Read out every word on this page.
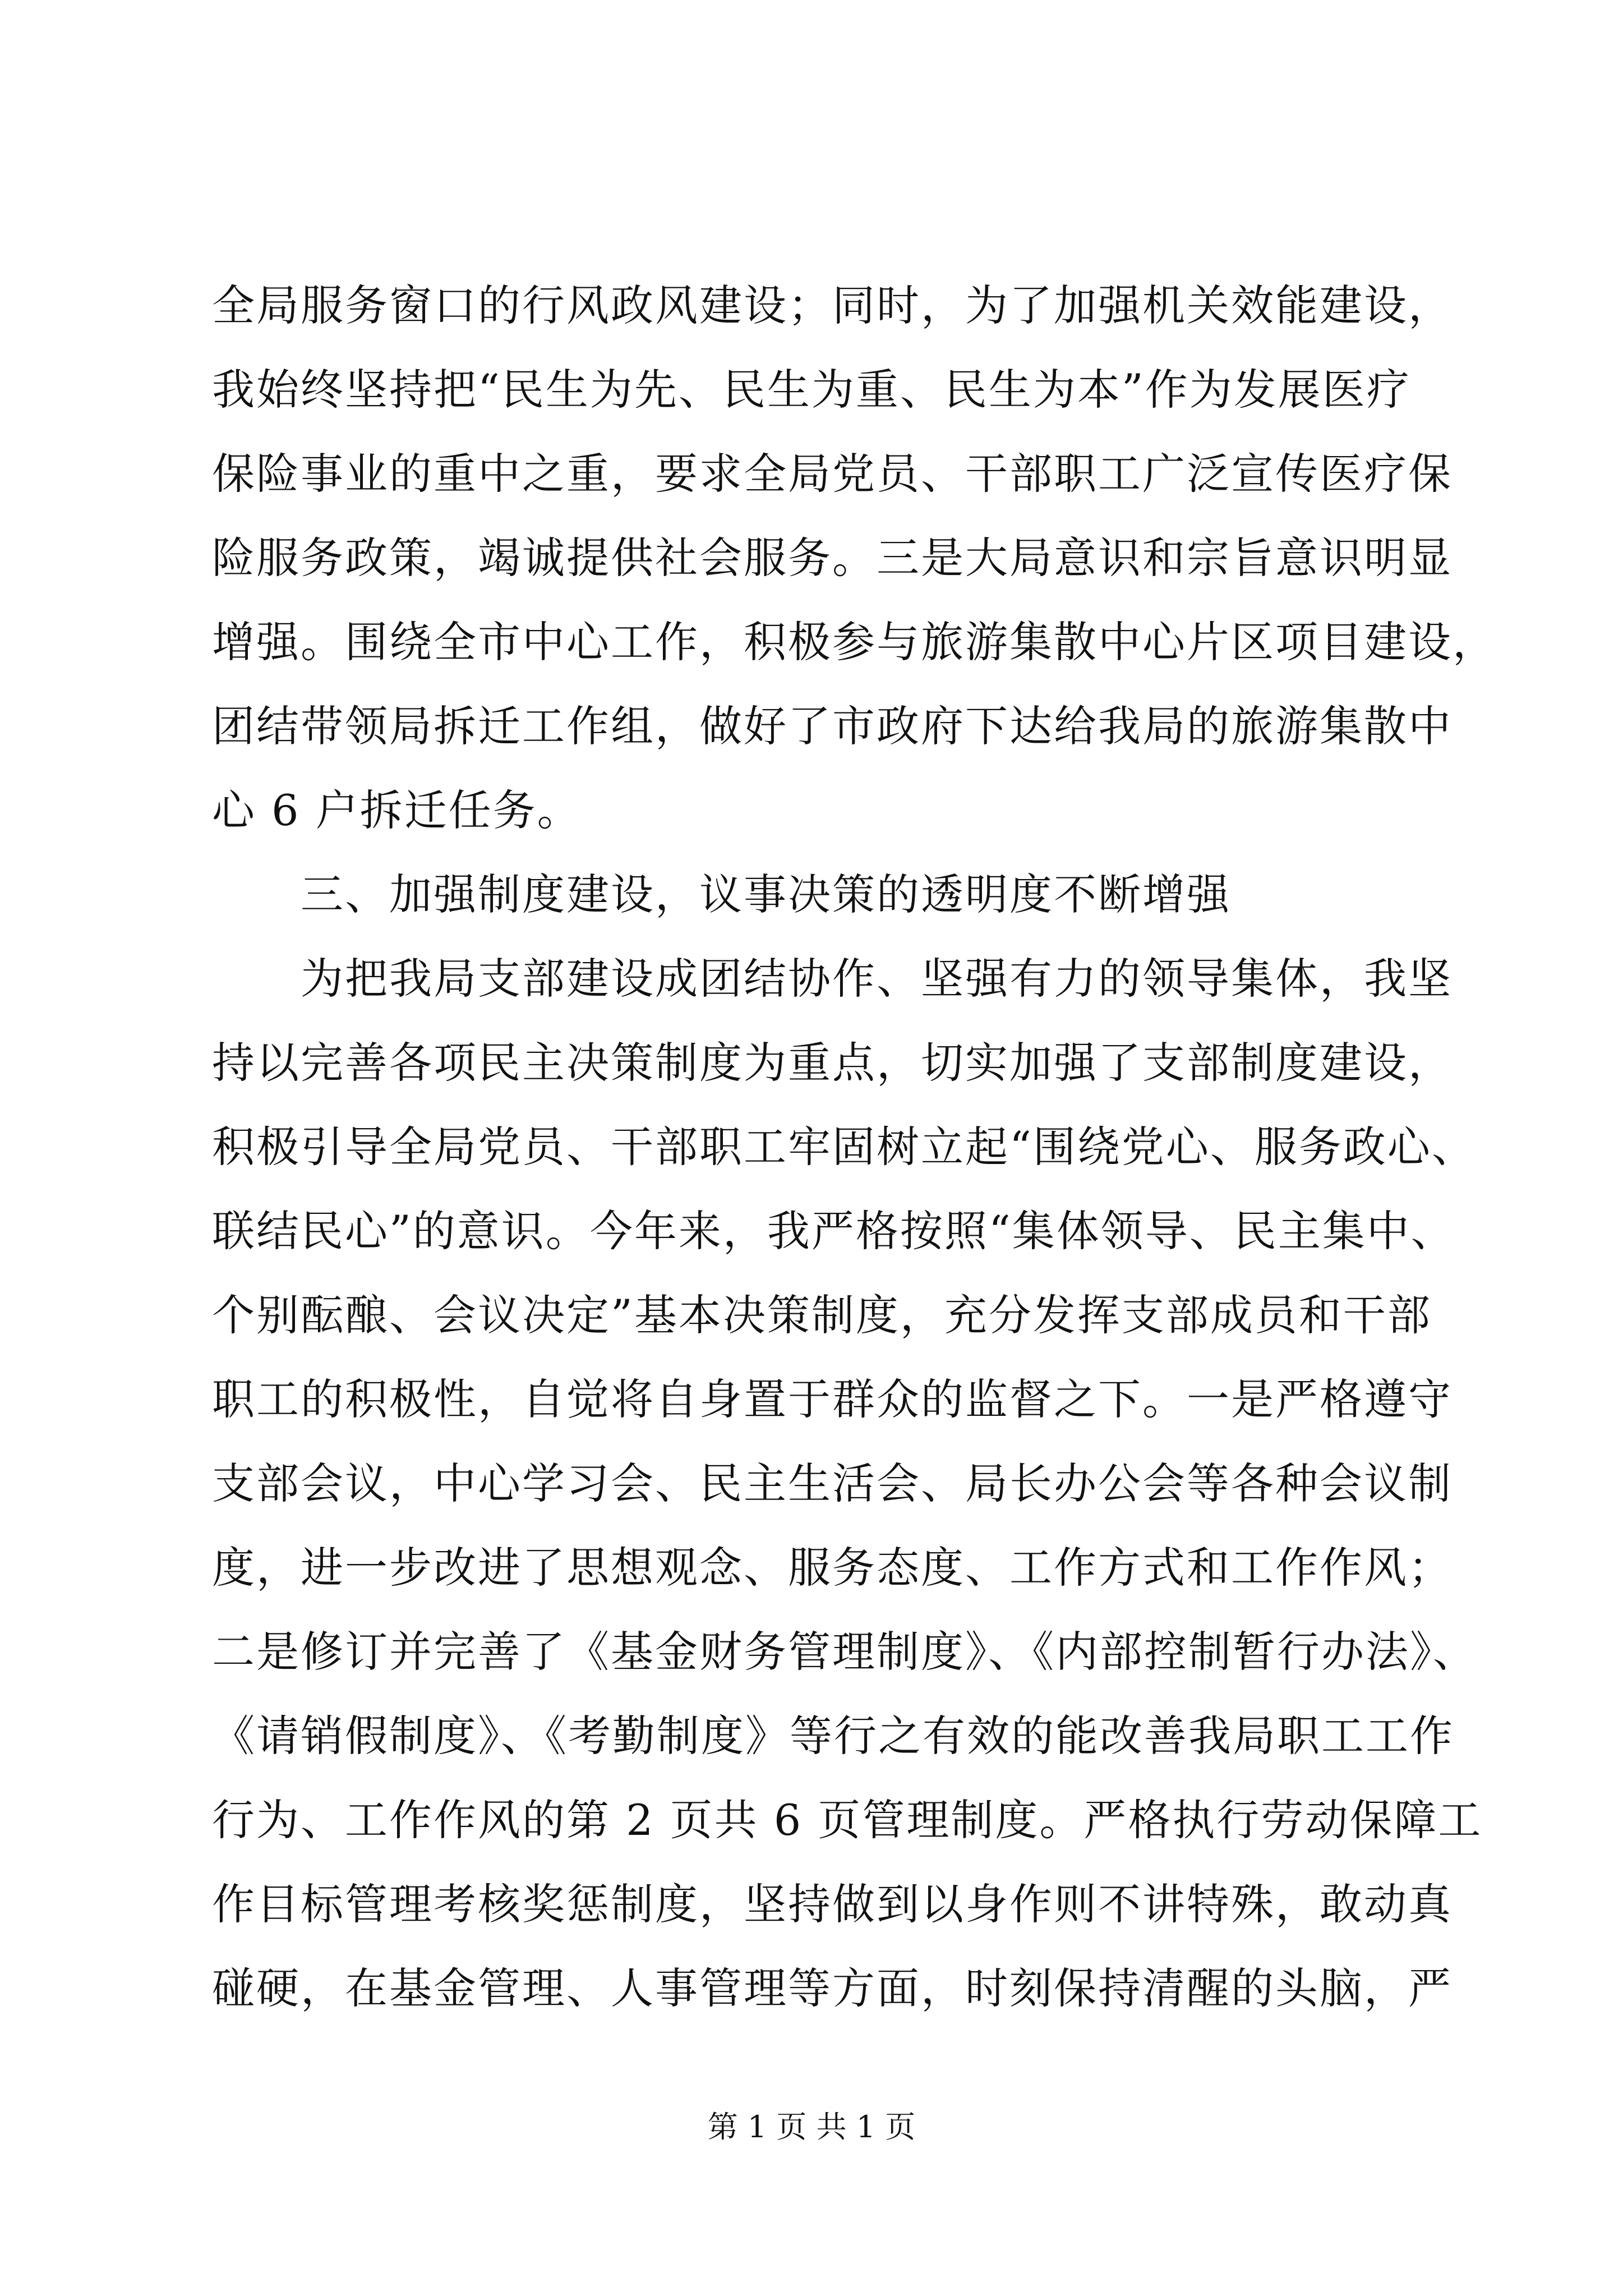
全局服务窗口的行风政风建设；同时，为了加强机关效能建设，
我始终坚持把“民生为先、民生为重、民生为本”作为发展医疗
保险事业的重中之重，要求全局党员、干部职工广泛宣传医疗保
险服务政策，竭诚提供社会服务。三是大局意识和宗旨意识明显
增强。围绕全市中心工作，积极参与旅游集散中心片区项目建设，
团结带领局拆迁工作组，做好了市政府下达给我局的旅游集散中
心 6 户拆迁任务。
　　三、加强制度建设，议事决策的透明度不断增强
　　为把我局支部建设成团结协作、坚强有力的领导集体，我坚
持以完善各项民主决策制度为重点，切实加强了支部制度建设，
积极引导全局党员、干部职工牢固树立起“围绕党心、服务政心、
联结民心”的意识。今年来，我严格按照“集体领导、民主集中、
个别酝酿、会议决定”基本决策制度，充分发挥支部成员和干部
职工的积极性，自觉将自身置于群众的监督之下。一是严格遵守
支部会议，中心学习会、民主生活会、局长办公会等各种会议制
度，进一步改进了思想观念、服务态度、工作方式和工作作风；
二是修订并完善了《基金财务管理制度》、《内部控制暂行办法》、
《请销假制度》、《考勤制度》等行之有效的能改善我局职工工作
行为、工作作风的第 2 页共 6 页管理制度。严格执行劳动保障工
作目标管理考核奖惩制度，坚持做到以身作则不讲特殊，敢动真
碰硬，在基金管理、人事管理等方面，时刻保持清醒的头脑，严
第 1 页 共 1 页
